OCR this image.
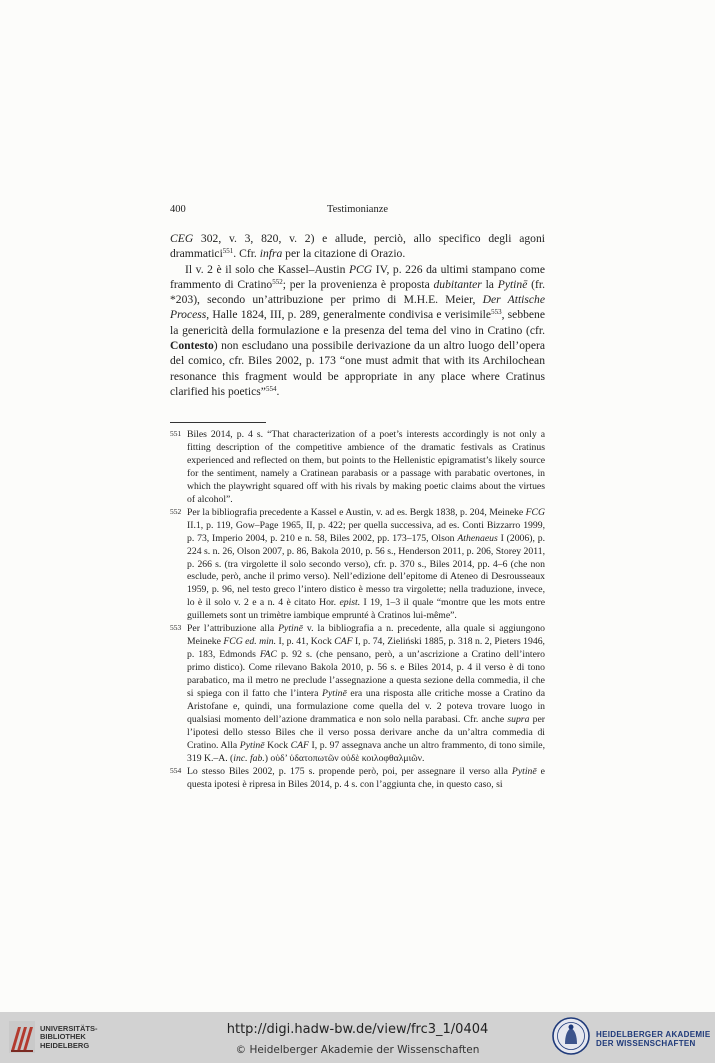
400	Testimonianze

CEG 302, v. 3, 820, v. 2) e allude, perciò, allo specifico degli agoni drammatici$^{551}$. Cfr. infra per la citazione di Orazio.

Il v. 2 è il solo che Kassel–Austin PCG IV, p. 226 da ultimi stampano come frammento di Cratino$^{552}$; per la provenienza è proposta dubitanter la Pytinē (fr. *203), secondo un’attribuzione per primo di M.H.E. Meier, Der Attische Process, Halle 1824, III, p. 289, generalmente condivisa e verisimile$^{553}$, sebbene la genericità della formulazione e la presenza del tema del vino in Cratino (cfr. Contesto) non escludano una possibile derivazione da un altro luogo dell’opera del comico, cfr. Biles 2002, p. 173 “one must admit that with its Archilochean resonance this fragment would be appropriate in any place where Cratinus clarified his poetics”$^{554}$.

551 Biles 2014, p. 4 s. “That characterization of a poet’s interests accordingly is not only a fitting description of the competitive ambience of the dramatic festivals as Cratinus experienced and reflected on them, but points to the Hellenistic epigramatist’s likely source for the sentiment, namely a Cratinean parabasis or a passage with parabatic overtones, in which the playwright squared off with his rivals by making poetic claims about the virtues of alcohol”.
552 Per la bibliografia precedente a Kassel e Austin, v. ad es. Bergk 1838, p. 204, Meineke FCG II.1, p. 119, Gow–Page 1965, II, p. 422; per quella successiva, ad es. Conti Bizzarro 1999, p. 73, Imperio 2004, p. 210 e n. 58, Biles 2002, pp. 173–175, Olson Athenaeus I (2006), p. 224 s. n. 26, Olson 2007, p. 86, Bakola 2010, p. 56 s., Henderson 2011, p. 206, Storey 2011, p. 266 s. (tra virgolette il solo secondo verso), cfr. p. 370 s., Biles 2014, pp. 4–6 (che non esclude, però, anche il primo verso). Nell’edizione dell’epitome di Ateneo di Desrousseaux 1959, p. 96, nel testo greco l’intero distico è messo tra virgolette; nella traduzione, invece, lo è il solo v. 2 e a n. 4 è citato Hor. epist. I 19, 1–3 il quale “montre que les mots entre guillemets sont un trimètre iambique emprunté à Cratinos lui-même”.
553 Per l’attribuzione alla Pytinē v. la bibliografia a n. precedente, alla quale si aggiungono Meineke FCG ed. min. I, p. 41, Kock CAF I, p. 74, Zieliński 1885, p. 318 n. 2, Pieters 1946, p. 183, Edmonds FAC p. 92 s. (che pensano, però, a un’ascrizione a Cratino dell’intero primo distico). Come rilevano Bakola 2010, p. 56 s. e Biles 2014, p. 4 il verso è di tono parabatico, ma il metro ne preclude l’assegnazione a questa sezione della commedia, il che si spiega con il fatto che l’intera Pytinē era una risposta alle critiche mosse a Cratino da Aristofane e, quindi, una formulazione come quella del v. 2 poteva trovare luogo in qualsiasi momento dell’azione drammatica e non solo nella parabasi. Cfr. anche supra per l’ipotesi dello stesso Biles che il verso possa derivare anche da un’altra commedia di Cratino. Alla Pytinē Kock CAF I, p. 97 assegnava anche un altro frammento, di tono simile, 319 K.–A. (inc. fab.) οὐδ’ ὑδατοπωτῶν οὐδὲ κοιλοφθαλμιῶν.
554 Lo stesso Biles 2002, p. 175 s. propende però, poi, per assegnare il verso alla Pytinē e questa ipotesi è ripresa in Biles 2014, p. 4 s. con l’aggiunta che, in questo caso, si
UNIVERSITÄTS-
BIBLIOTHEK
HEIDELBERG
http://digi.hadw-bw.de/view/frc3_1/0404
© Heidelberger Akademie der Wissenschaften
HEIDELBERGER AKADEMIE
DER WISSENSCHAFTEN
